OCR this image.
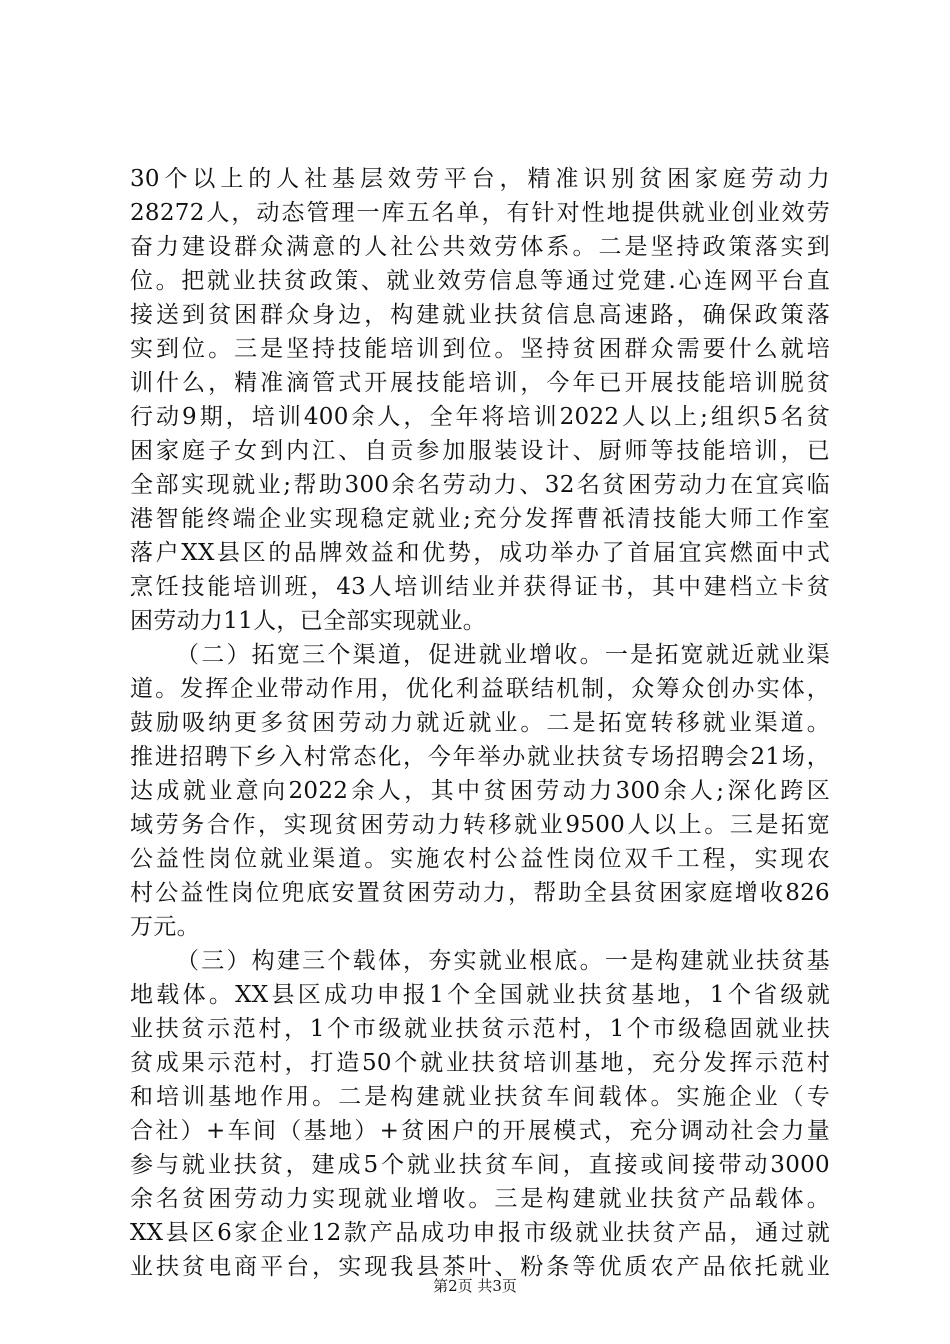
30个以上的人社基层效劳平台，精准识别贫困家庭劳动力
28272人，动态管理一库五名单，有针对性地提供就业创业效劳
奋力建设群众满意的人社公共效劳体系。二是坚持政策落实到
位。把就业扶贫政策、就业效劳信息等通过党建.心连网平台直
接送到贫困群众身边，构建就业扶贫信息高速路，确保政策落
实到位。三是坚持技能培训到位。坚持贫困群众需要什么就培
训什么，精准滴管式开展技能培训，今年已开展技能培训脱贫
行动9期，培训400余人，全年将培训2022人以上;组织5名贫
困家庭子女到内江、自贡参加服装设计、厨师等技能培训，已
全部实现就业;帮助300余名劳动力、32名贫困劳动力在宜宾临
港智能终端企业实现稳定就业;充分发挥曹祇清技能大师工作室
落户XX县区的品牌效益和优势，成功举办了首届宜宾燃面中式
烹饪技能培训班，43人培训结业并获得证书，其中建档立卡贫
困劳动力11人，已全部实现就业。
（二）拓宽三个渠道，促进就业增收。一是拓宽就近就业渠
道。发挥企业带动作用，优化利益联结机制，众筹众创办实体，
鼓励吸纳更多贫困劳动力就近就业。二是拓宽转移就业渠道。
推进招聘下乡入村常态化，今年举办就业扶贫专场招聘会21场，
达成就业意向2022余人，其中贫困劳动力300余人;深化跨区
域劳务合作，实现贫困劳动力转移就业9500人以上。三是拓宽
公益性岗位就业渠道。实施农村公益性岗位双千工程，实现农
村公益性岗位兜底安置贫困劳动力，帮助全县贫困家庭增收826
万元。
（三）构建三个载体，夯实就业根底。一是构建就业扶贫基
地载体。XX县区成功申报1个全国就业扶贫基地，1个省级就
业扶贫示范村，1个市级就业扶贫示范村，1个市级稳固就业扶
贫成果示范村，打造50个就业扶贫培训基地，充分发挥示范村
和培训基地作用。二是构建就业扶贫车间载体。实施企业（专
合社）+车间（基地）+贫困户的开展模式，充分调动社会力量
参与就业扶贫，建成5个就业扶贫车间，直接或间接带动3000
余名贫困劳动力实现就业增收。三是构建就业扶贫产品载体。
XX县区6家企业12款产品成功申报市级就业扶贫产品，通过就
业扶贫电商平台，实现我县茶叶、粉条等优质农产品依托就业
第2页 共3页
